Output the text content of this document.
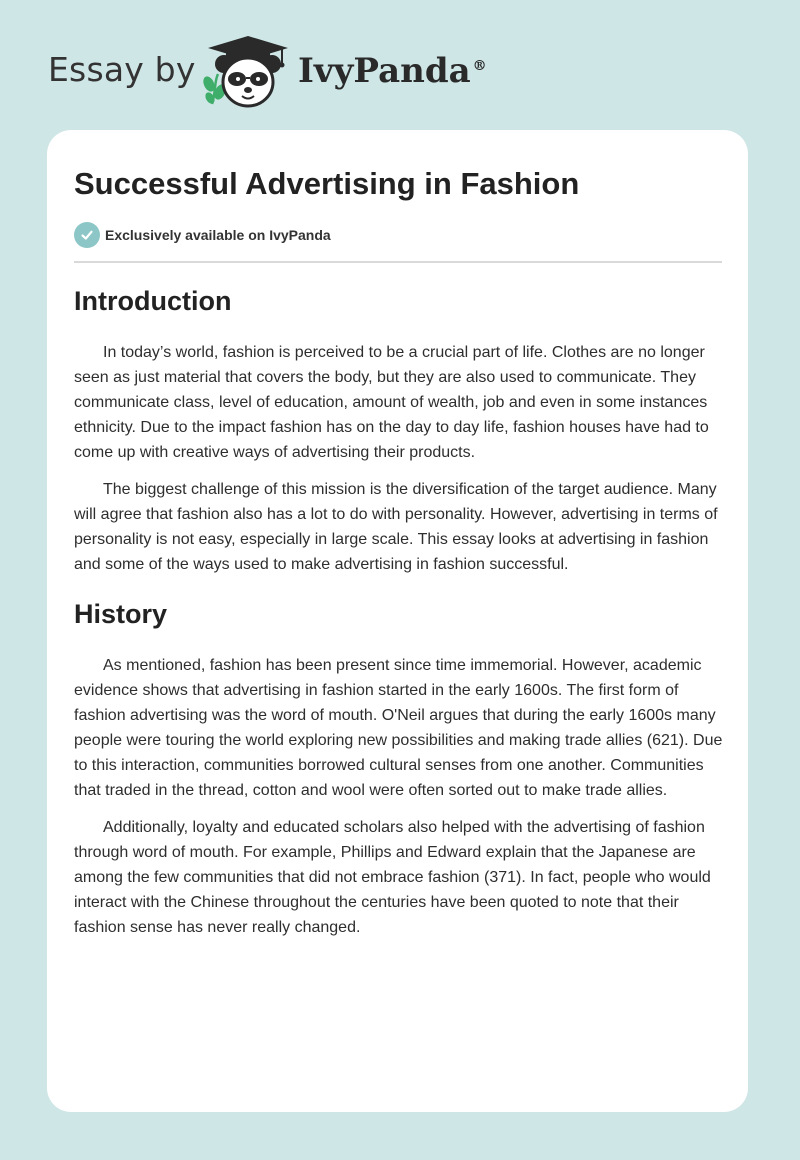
Essay by	IvyPanda ®
Successful Advertising in Fashion
Exclusively available on IvyPanda
Introduction

In today’s world, fashion is perceived to be a crucial part of life. Clothes are no longer seen as just material that covers the body, but they are also used to communicate. They communicate class, level of education, amount of wealth, job and even in some instances ethnicity. Due to the impact fashion has on the day to day life, fashion houses have had to come up with creative ways of advertising their products.

The biggest challenge of this mission is the diversification of the target audience. Many will agree that fashion also has a lot to do with personality. However, advertising in terms of personality is not easy, especially in large scale. This essay looks at advertising in fashion and some of the ways used to make advertising in fashion successful.

History

As mentioned, fashion has been present since time immemorial. However, academic evidence shows that advertising in fashion started in the early 1600s. The first form of fashion advertising was the word of mouth. O'Neil argues that during the early 1600s many people were touring the world exploring new possibilities and making trade allies (621). Due to this interaction, communities borrowed cultural senses from one another. Communities that traded in the thread, cotton and wool were often sorted out to make trade allies.

Additionally, loyalty and educated scholars also helped with the advertising of fashion through word of mouth. For example, Phillips and Edward explain that the Japanese are among the few communities that did not embrace fashion (371). In fact, people who would interact with the Chinese throughout the centuries have been quoted to note that their fashion sense has never really changed.
